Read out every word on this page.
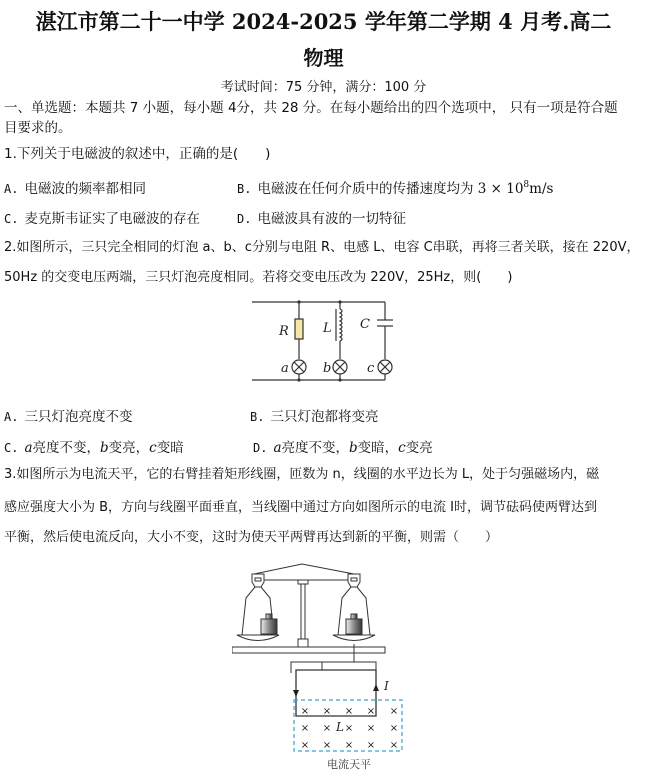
湛江市第二十一中学 2024-2025 学年第二学期 4 月考.高二
物理
考试时间：75 分钟，满分：100 分
一、单选题：本题共 7 小题，每小题 4分，共 28 分。在每小题给出的四个选项中， 只有一项是符合题
目要求的。
1.下列关于电磁波的叙述中，正确的是(　　)
A. 电磁波的频率都相同	B. 电磁波在任何介质中的传播速度均为 $3 \times 10^8m/s$
C. 麦克斯韦证实了电磁波的存在	D. 电磁波具有波的一切特征
2.如图所示，三只完全相同的灯泡 a、b、c分别与电阻 R、电感 L、电容 C串联，再将三者关联，接在 220V，
50Hz 的交变电压两端，三只灯泡亮度相同。若将交变电压改为 220V，25Hz，则(　　)
R	L C
a	b	c
A. 三只灯泡亮度不变	B. 三只灯泡都将变亮
C. a亮度不变，b变亮，c变暗	D. a亮度不变，b变暗，c变亮
3.如图所示为电流天平，它的右臂挂着矩形线圈，匝数为 n，线圈的水平边长为 L，处于匀强磁场内，磁
感应强度大小为 B，方向与线圈平面垂直，当线圈中通过方向如图所示的电流 I时，调节砝码使两臂达到
平衡，然后使电流反向，大小不变，这时为使天平两臂再达到新的平衡，则需（　　）
× × × × ×
× × × × ×
× × × × ×
I
L
电流天平
